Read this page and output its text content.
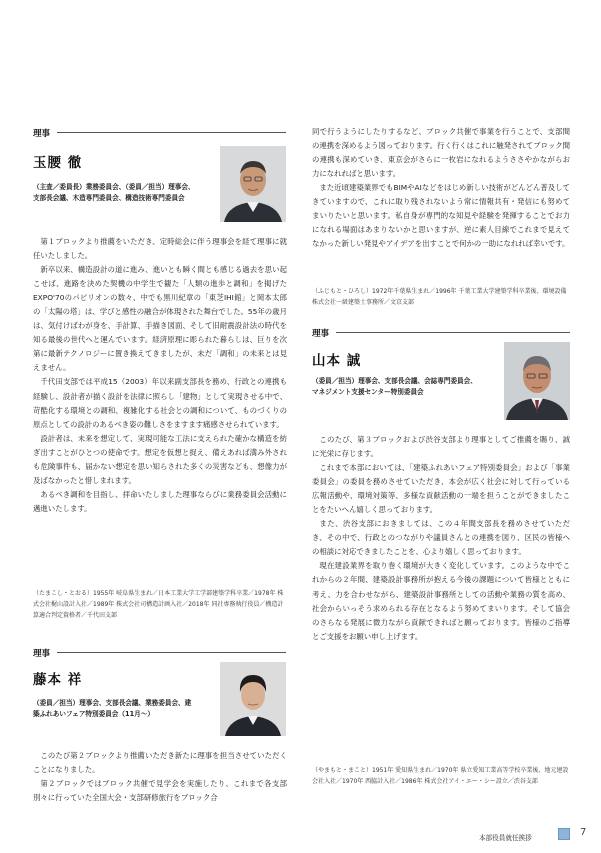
理事
玉腰 徹
（主査／委員長）業務委員会、（委員／担当）理事会、
支部長会議、木造専門委員会、構造技術専門委員会

第１ブロックより推薦をいただき、定時総会に伴う理事会を経て理事に就任いたしました。

新卒以来、構造設計の道に進み、進いとも瞬く間とも感じる過去を思い起こせば、進路を決めた契機の中学生で観た「人類の進歩と調和」を掲げたEXPO'70のパビリオンの数々、中でも黒川紀章の「東芝IHI館」と岡本太郎の「太陽の塔」は、学びと感性の融合が体現された舞台でした。55年の歳月は、気付けばわが身を、手計算、手描き図面、そして旧耐震設計法の時代を知る最後の世代へと運んでいます。経済原理に彫られた暮らしは、巨りを次第に最新テクノロジーに置き換えてきましたが、未だ「調和」の未来とは見えません。

千代田支部では平成15（2003）年以来副支部長を務め、行政との連携も経験し、設計者が描く設計を法律に照らし「建物」として実現させる中で、苛酷化する環境との調和、複雑化する社会との調和について、ものづくりの原点としての設計のあるべき姿の難しさをますます痛感させられています。

設計者は、未来を想定して、実現可能な工法に支えられた確かな構造を紡ぎ出すことがひとつの使命です。想定を仮想と捉え、備えあれば満み外されも危険事件も、届かない想定を思い知らされた多くの災害なども、想像力が及ばなかったと惜しまれます。

あるべき調和を目指し、拝命いたしました理事ならびに業務委員会活動に邁進いたします。

（たまこし・とおる）1955年 岐阜県生まれ／日本工業大学工学部建築学科卒業／1978年 株式会社梶山設計入社／1989年 株式会社司構造計画入社／2018年 同社専務執行役員／構造計算適合判定資格者／千代田支部
理事
藤本 祥
（委員／担当）理事会、支部長会議、業務委員会、建
築ふれあいフェア特別委員会（11月～）

このたび第２ブロックより推薦いただき新たに理事を担当させていただくことになりました。

第２ブロックではブロック共催で見学会を実施したり、これまで各支部別々に行っていた全国大会・支部研修旅行をブロック合

同で行うようにしたりするなど、ブロック共催で事業を行うことで、支部間の連携を深めるよう図っております。行く行くはこれに触発されてブロック間の連携も深めていき、東京会がさらに一枚岩になれるようささやかながらお力になれればと思います。

また近頃建築業界でもBIMやAIなどをはじめ新しい技術がどんどん普及してきていますので、これに取り残されないよう常に情報共有・発信にも努めてまいりたいと思います。私自身が専門的な知見や経験を発揮することでお力になれる場面はあまりないかと思いますが、逆に素人目線でこれまで見えてなかった新しい発見やアイデアを出すことで何かの一助になれれば幸いです。

（ふじもと・ひろし）1972年千葉県生まれ／1996年 千葉工業大学建築学科卒業後、環境設備株式会社一級建築士事務所／文京支部
理事
山本 誠
（委員／担当）理事会、支部長会議、会誌専門委員会、
マネジメント支援センター特別委員会

このたび、第３ブロックおよび渋谷支部より理事としてご推薦を賜り、誠に光栄に存じます。

これまで本部においては、「建築ふれあいフェア特別委員会」および「事業委員会」の委員を務めさせていただき、本会が広く社会に対して行っている広報活動や、環境対策等、多様な貢献活動の一端を担うことができましたことをたいへん嬉しく思っております。

また、渋谷支部におきましては、この４年間支部長を務めさせていただき、その中で、行政とのつながりや議員さんとの連携を図り、区民の皆様への相談に対応できましたことを、心より嬉しく思っております。

現在建設業界を取り巻く環境が大きく変化しています。このような中でこれからの２年間、建築設計事務所が抱える今後の課題について皆様とともに考え、力を合わせながら、建築設計事務所としての活動や業務の質を高め、社会からいっそう求められる存在となるよう努めてまいります。そして協会のさらなる発展に微力ながら貢献できればと願っております。皆様のご指導とご支援をお願い申し上げます。

（やまもと・まこと）1951年 愛知県生まれ／1970年 県立愛知工業高等学校卒業後、地元建設会社入社／1970年 西脇計入社／1986年 株式会社アイ・エー・シー設立／渋谷支部
本部役員就任挨拶	7
